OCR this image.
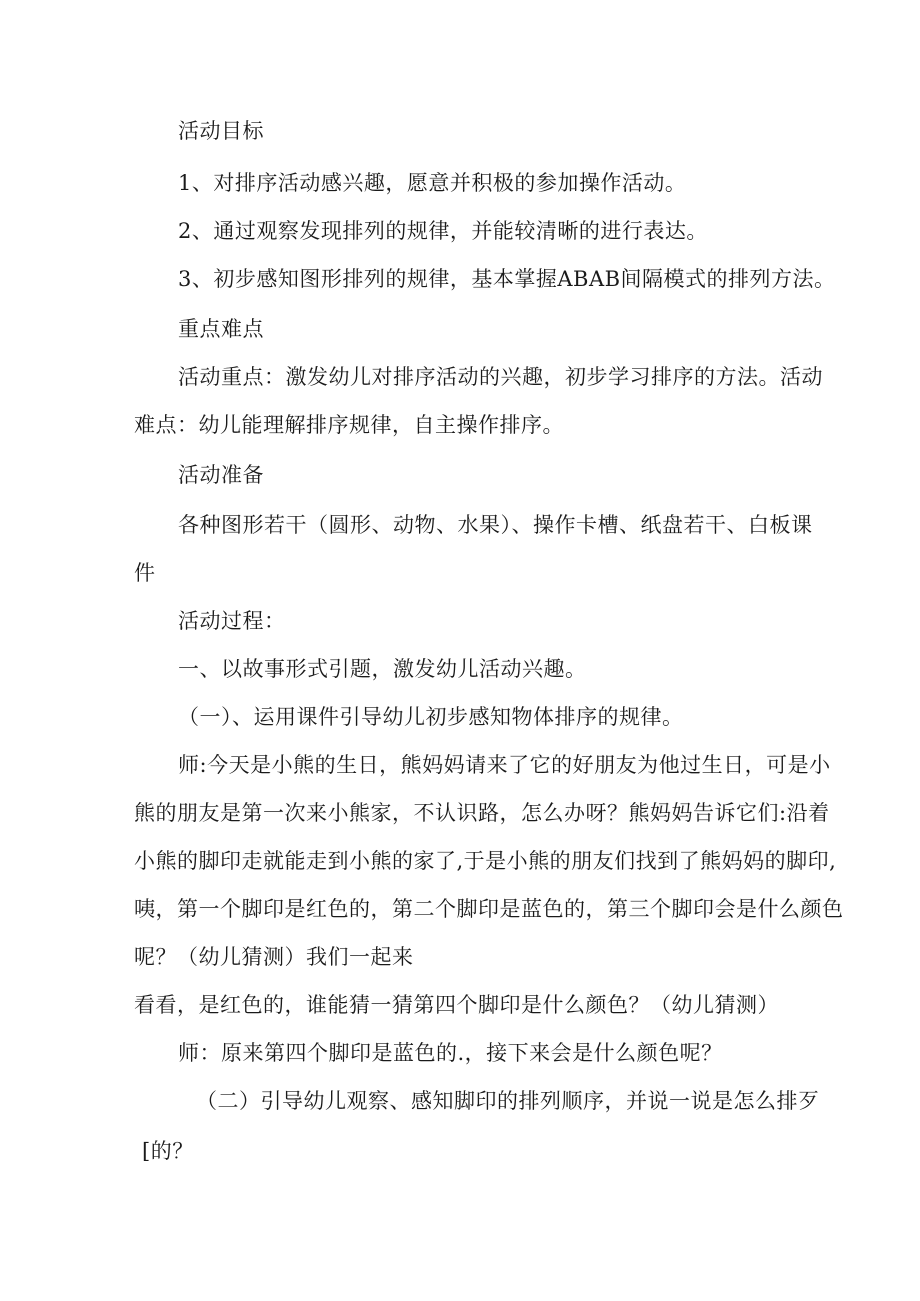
活动目标
1、对排序活动感兴趣，愿意并积极的参加操作活动。
2、通过观察发现排列的规律，并能较清晰的进行表达。
3、初步感知图形排列的规律，基本掌握ABAB间隔模式的排列方法。
重点难点
活动重点：激发幼儿对排序活动的兴趣，初步学习排序的方法。活动
难点：幼儿能理解排序规律，自主操作排序。
活动准备
各种图形若干（圆形、动物、水果）、操作卡槽、纸盘若干、白板课
件
活动过程：
一、以故事形式引题，激发幼儿活动兴趣。
（一）、运用课件引导幼儿初步感知物体排序的规律。
师:今天是小熊的生日，熊妈妈请来了它的好朋友为他过生日，可是小
熊的朋友是第一次来小熊家，不认识路，怎么办呀？熊妈妈告诉它们:沿着
小熊的脚印走就能走到小熊的家了,于是小熊的朋友们找到了熊妈妈的脚印,
咦，第一个脚印是红色的，第二个脚印是蓝色的，第三个脚印会是什么颜色
呢？（幼儿猜测）我们一起来
看看，是红色的，谁能猜一猜第四个脚印是什么颜色？（幼儿猜测）
师：原来第四个脚印是蓝色的.，接下来会是什么颜色呢？
（二）引导幼儿观察、感知脚印的排列顺序，并说一说是怎么排歹
[的？
